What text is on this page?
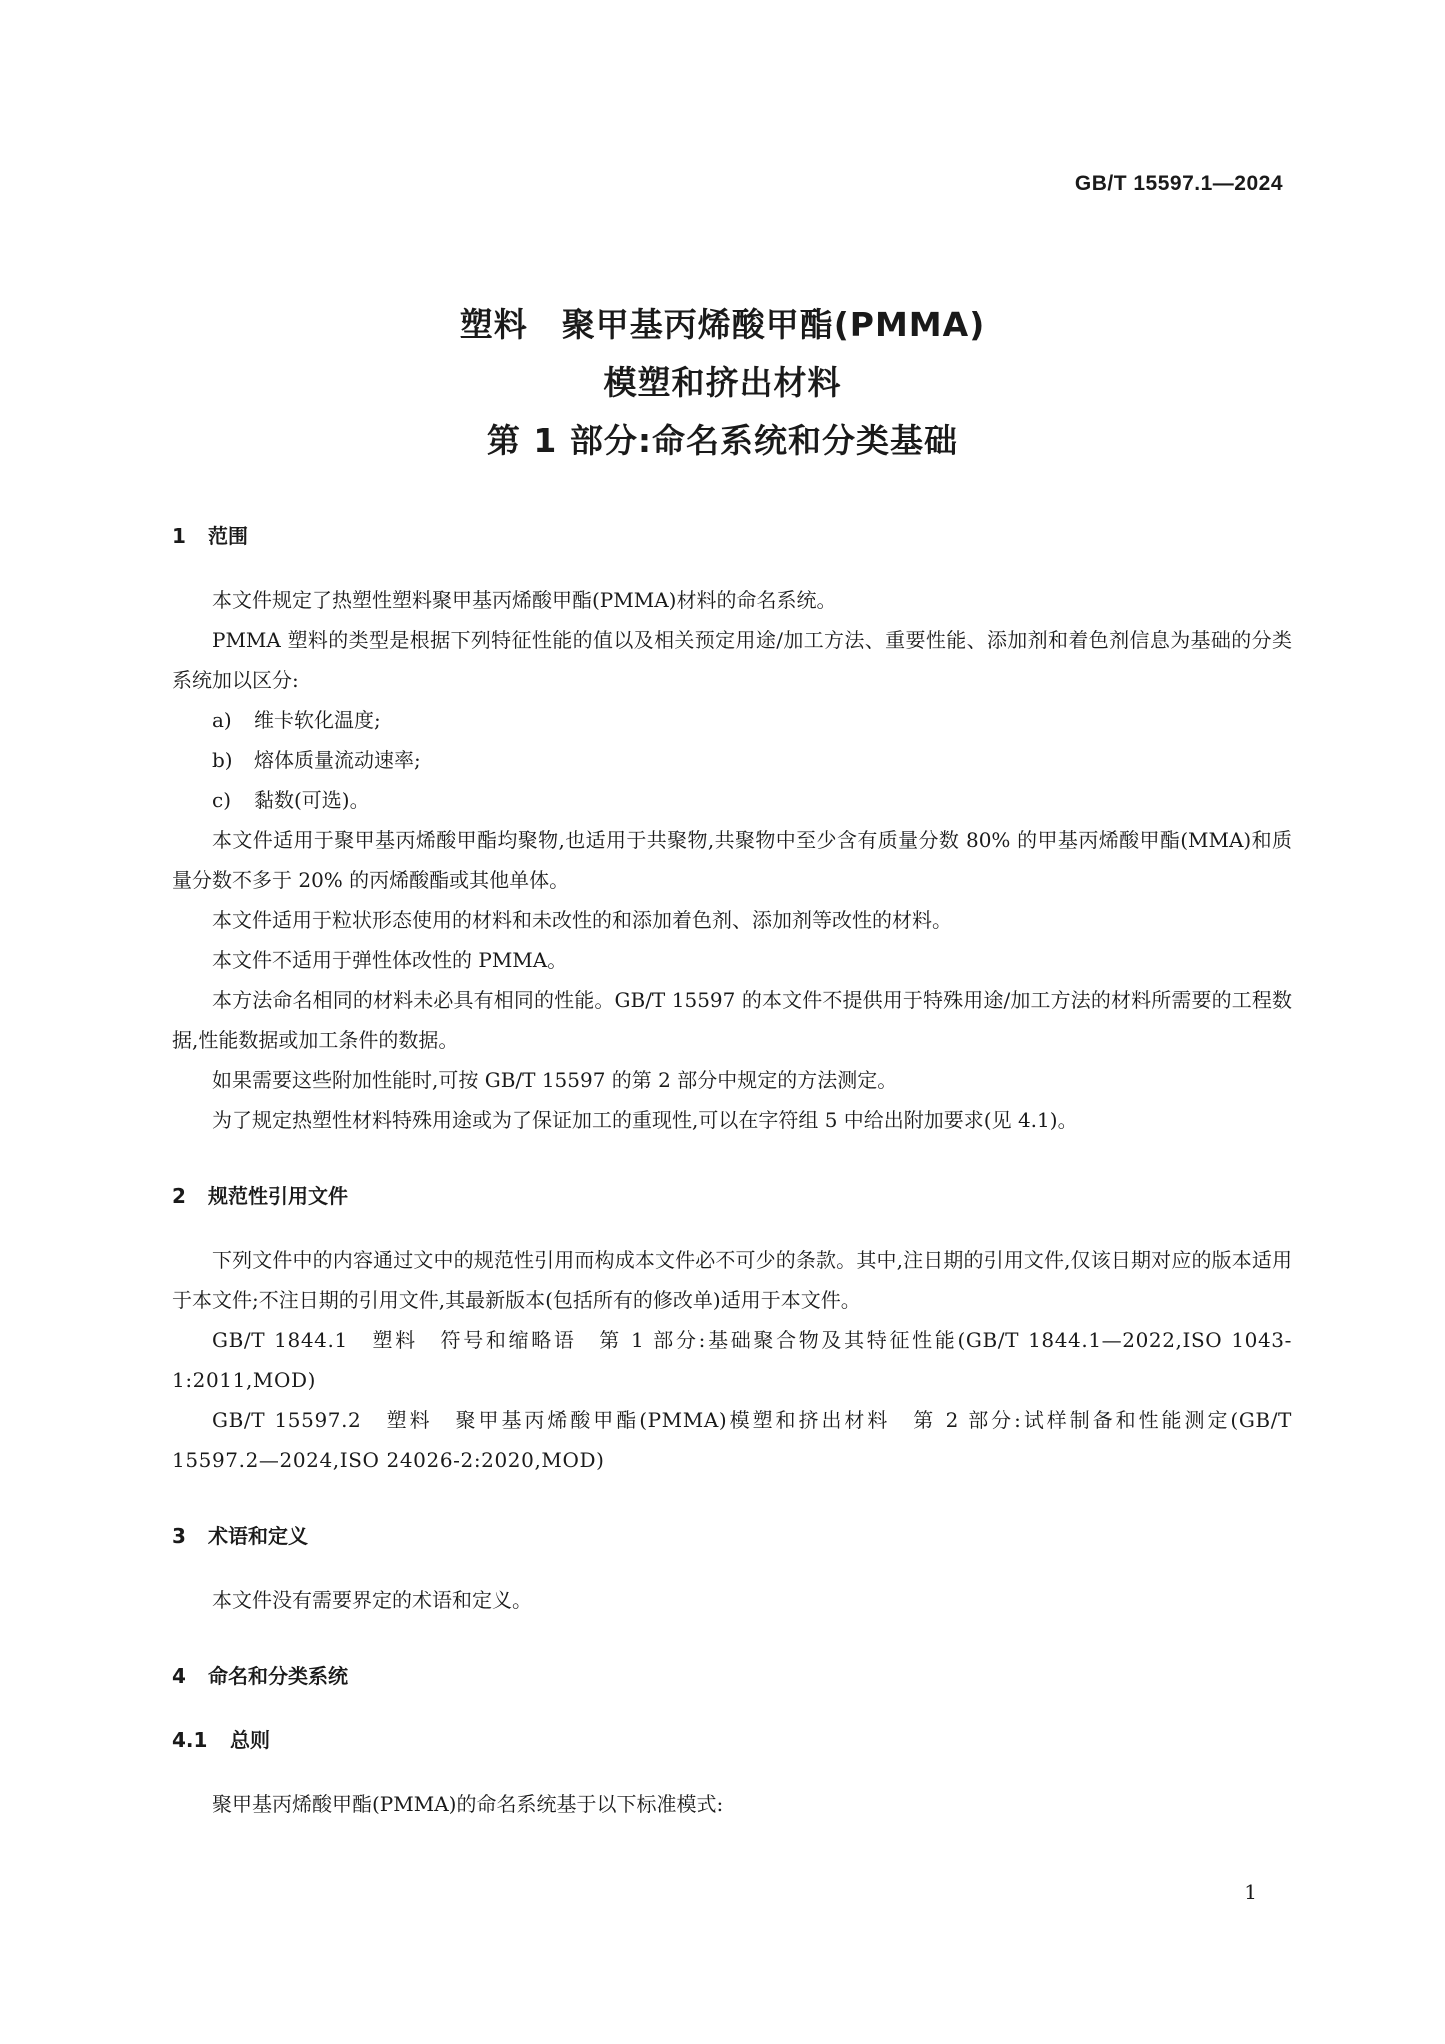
GB/T 15597.1—2024
塑料　聚甲基丙烯酸甲酯(PMMA)
模塑和挤出材料
第 1 部分:命名系统和分类基础
1 范围

本文件规定了热塑性塑料聚甲基丙烯酸甲酯(PMMA)材料的命名系统。

PMMA 塑料的类型是根据下列特征性能的值以及相关预定用途/加工方法、重要性能、添加剂和着色剂信息为基础的分类系统加以区分:

a) 维卡软化温度;

b) 熔体质量流动速率;

c) 黏数(可选)。

本文件适用于聚甲基丙烯酸甲酯均聚物,也适用于共聚物,共聚物中至少含有质量分数 80% 的甲基丙烯酸甲酯(MMA)和质量分数不多于 20% 的丙烯酸酯或其他单体。

本文件适用于粒状形态使用的材料和未改性的和添加着色剂、添加剂等改性的材料。

本文件不适用于弹性体改性的 PMMA。

本方法命名相同的材料未必具有相同的性能。GB/T 15597 的本文件不提供用于特殊用途/加工方法的材料所需要的工程数据,性能数据或加工条件的数据。

如果需要这些附加性能时,可按 GB/T 15597 的第 2 部分中规定的方法测定。

为了规定热塑性材料特殊用途或为了保证加工的重现性,可以在字符组 5 中给出附加要求(见 4.1)。

2 规范性引用文件

下列文件中的内容通过文中的规范性引用而构成本文件必不可少的条款。其中,注日期的引用文件,仅该日期对应的版本适用于本文件;不注日期的引用文件,其最新版本(包括所有的修改单)适用于本文件。

GB/T 1844.1　塑料　符号和缩略语　第 1 部分:基础聚合物及其特征性能(GB/T 1844.1—2022,ISO 1043-1:2011,MOD)

GB/T 15597.2　塑料　聚甲基丙烯酸甲酯(PMMA)模塑和挤出材料　第 2 部分:试样制备和性能测定(GB/T 15597.2—2024,ISO 24026-2:2020,MOD)

3 术语和定义

本文件没有需要界定的术语和定义。

4 命名和分类系统
4.1 总则

聚甲基丙烯酸甲酯(PMMA)的命名系统基于以下标准模式:

1
